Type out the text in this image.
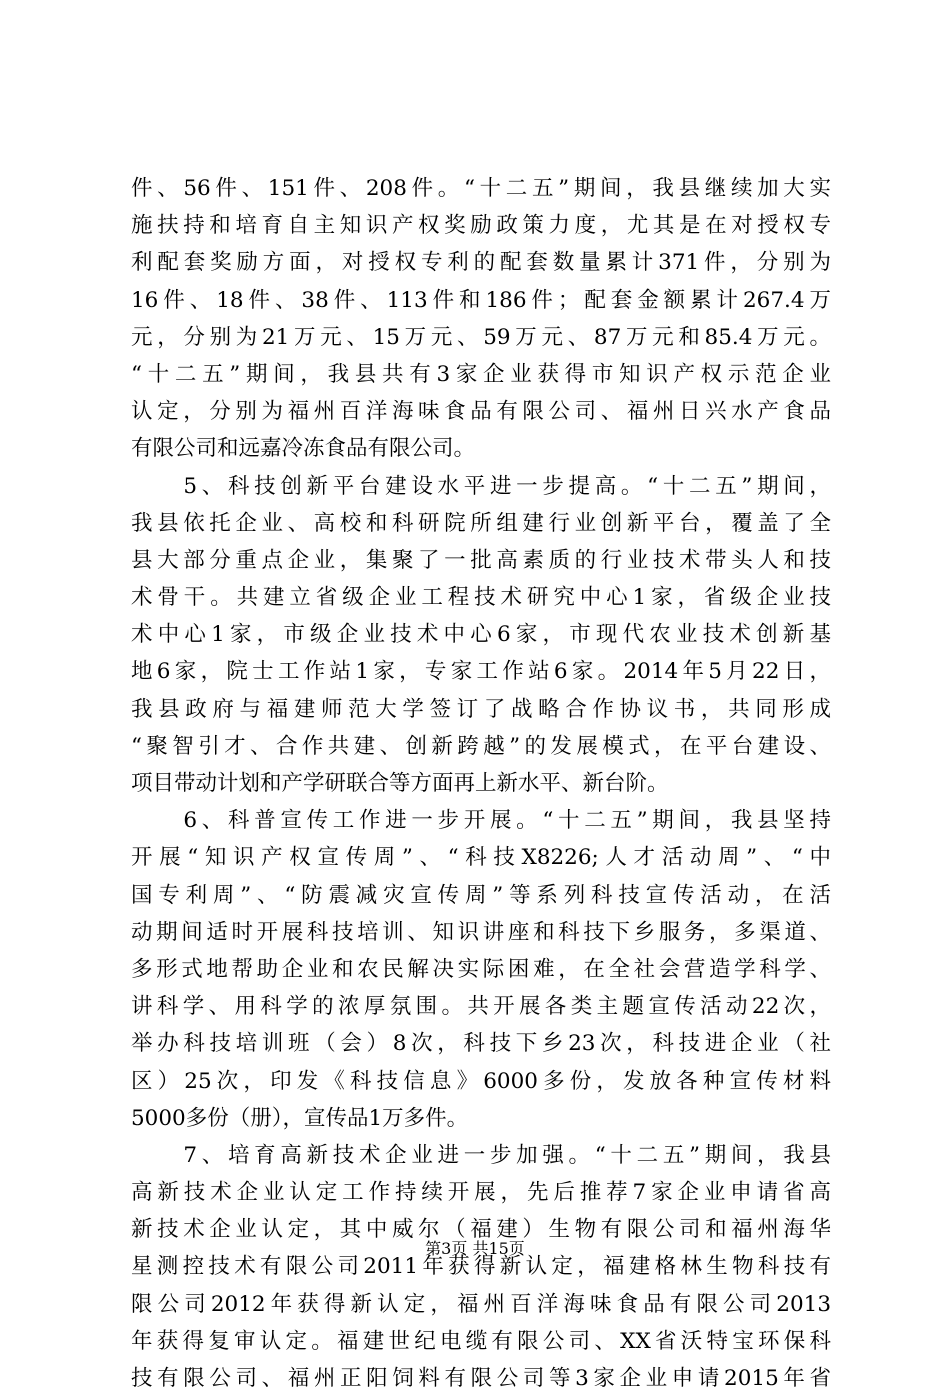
件、56件、151件、208件。“十二五”期间，我县继续加大实
施扶持和培育自主知识产权奖励政策力度，尤其是在对授权专
利配套奖励方面，对授权专利的配套数量累计371件，分别为
16件、18件、38件、113件和186件；配套金额累计267.4万
元，分别为21万元、15万元、59万元、87万元和85.4万元。
“十二五”期间，我县共有3家企业获得市知识产权示范企业
认定，分别为福州百洋海味食品有限公司、福州日兴水产食品
有限公司和远嘉冷冻食品有限公司。
　　5、科技创新平台建设水平进一步提高。“十二五”期间，
我县依托企业、高校和科研院所组建行业创新平台，覆盖了全
县大部分重点企业，集聚了一批高素质的行业技术带头人和技
术骨干。共建立省级企业工程技术研究中心1家，省级企业技
术中心1家，市级企业技术中心6家，市现代农业技术创新基
地6家，院士工作站1家，专家工作站6家。2014年5月22日，
我县政府与福建师范大学签订了战略合作协议书，共同形成
“聚智引才、合作共建、创新跨越”的发展模式，在平台建设、
项目带动计划和产学研联合等方面再上新水平、新台阶。
　　6、科普宣传工作进一步开展。“十二五”期间，我县坚持
开展“知识产权宣传周”、“科技X8226;人才活动周”、“中
国专利周”、“防震减灾宣传周”等系列科技宣传活动，在活
动期间适时开展科技培训、知识讲座和科技下乡服务，多渠道、
多形式地帮助企业和农民解决实际困难，在全社会营造学科学、
讲科学、用科学的浓厚氛围。共开展各类主题宣传活动22次，
举办科技培训班（会）8次，科技下乡23次，科技进企业（社
区）25次，印发《科技信息》6000多份，发放各种宣传材料
5000多份（册），宣传品1万多件。
　　7、培育高新技术企业进一步加强。“十二五”期间，我县
高新技术企业认定工作持续开展，先后推荐7家企业申请省高
新技术企业认定，其中威尔（福建）生物有限公司和福州海华
星测控技术有限公司2011年获得新认定，福建格林生物科技有
限公司2012年获得新认定，福州百洋海味食品有限公司2013
年获得复审认定。福建世纪电缆有限公司、XX省沃特宝环保科
技有限公司、福州正阳饲料有限公司等3家企业申请2015年省
第3页 共15页
